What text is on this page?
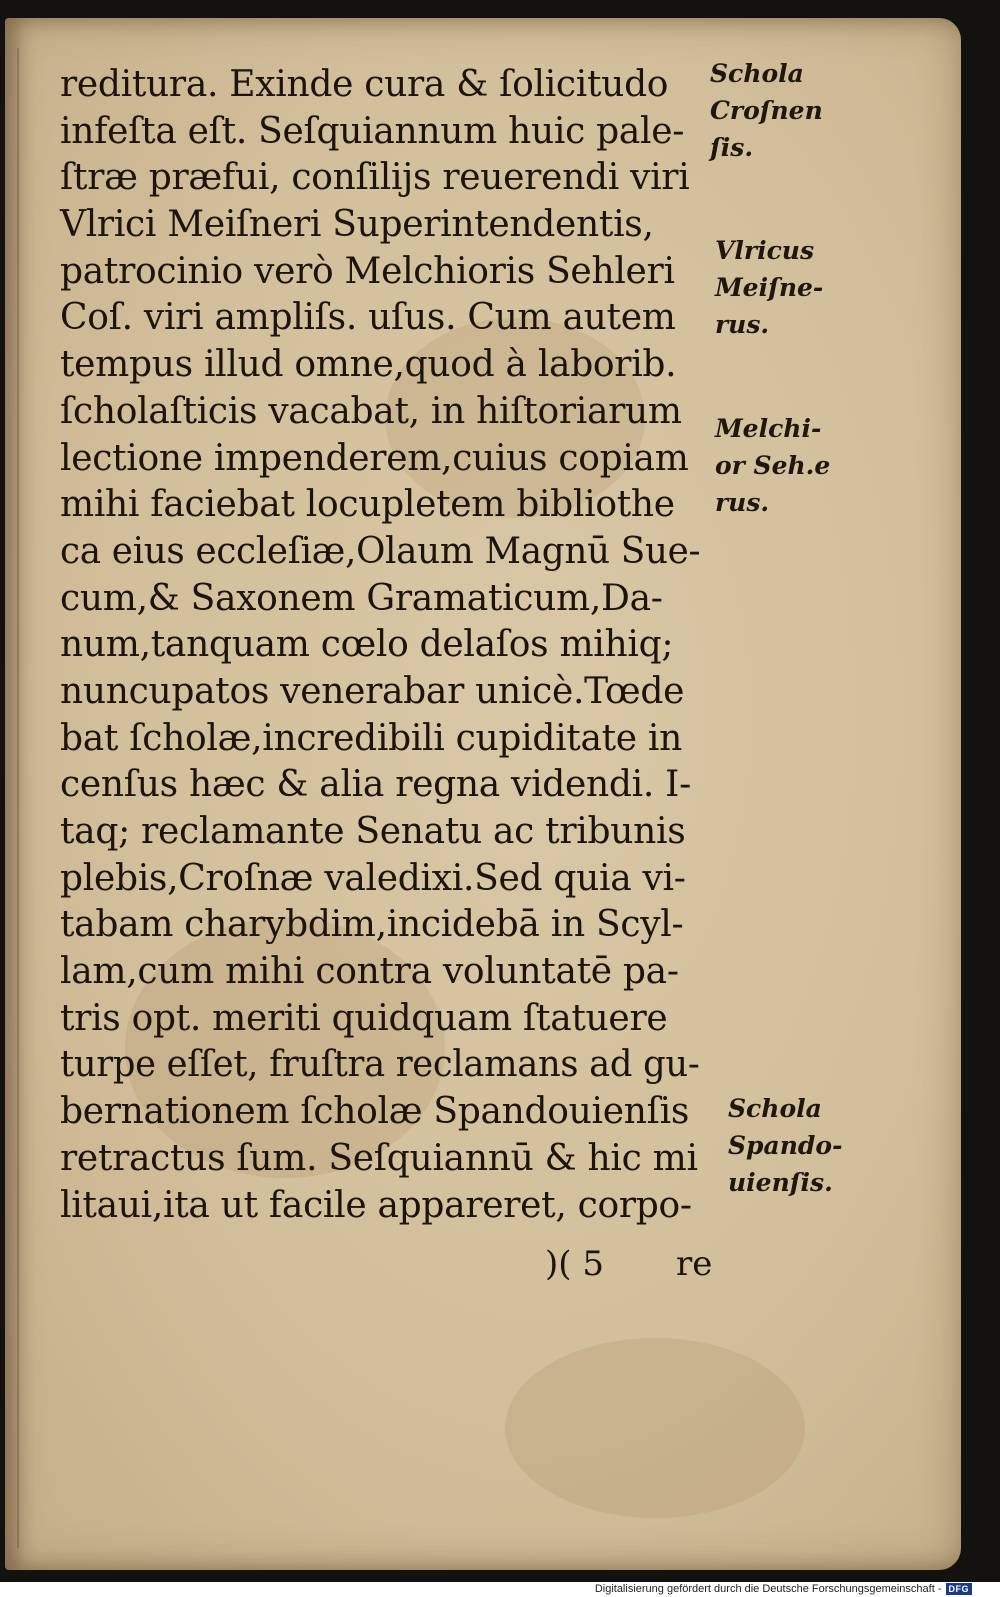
reditura. Exinde cura & ſolicitudo
infeſta eſt. Seſquiannum huic pale-
ſtræ præfui, conſilijs reuerendi viri
Vlrici Meiſneri Superintendentis,
patrocinio verò Melchioris Sehleri
Coſ. viri ampliſs. uſus. Cum autem
tempus illud omne,quod à laborib.
ſcholaſticis vacabat, in hiſtoriarum
lectione impenderem,cuius copiam
mihi faciebat locupletem bibliothe
ca eius eccleſiæ,Olaum Magnū Sue-
cum,& Saxonem Gramaticum,Da-
num,tanquam cœlo delaſos mihiq;
nuncupatos venerabar unicè.Tœde
bat ſcholæ,incredibili cupiditate in
cenſus hæc & alia regna videndi. I-
taq; reclamante Senatu ac tribunis
plebis,Croſnæ valedixi.Sed quia vi-
tabam charybdim,incidebā in Scyl-
lam,cum mihi contra voluntatē pa-
tris opt. meriti quidquam ſtatuere
turpe eſſet, fruſtra reclamans ad gu-
bernationem ſcholæ Spandouienſis
retractus ſum. Seſquiannū & hic mi
litaui,ita ut facile appareret, corpo-
)( 5 re
Schola
Croſnen
ſis.
Vlricus
Meiſne-
rus.
Melchi-
or Seh.e
rus.
Schola
Spando-
uienſis.
Digitalisierung gefördert durch die Deutsche Forschungsgemeinschaft - DFG
